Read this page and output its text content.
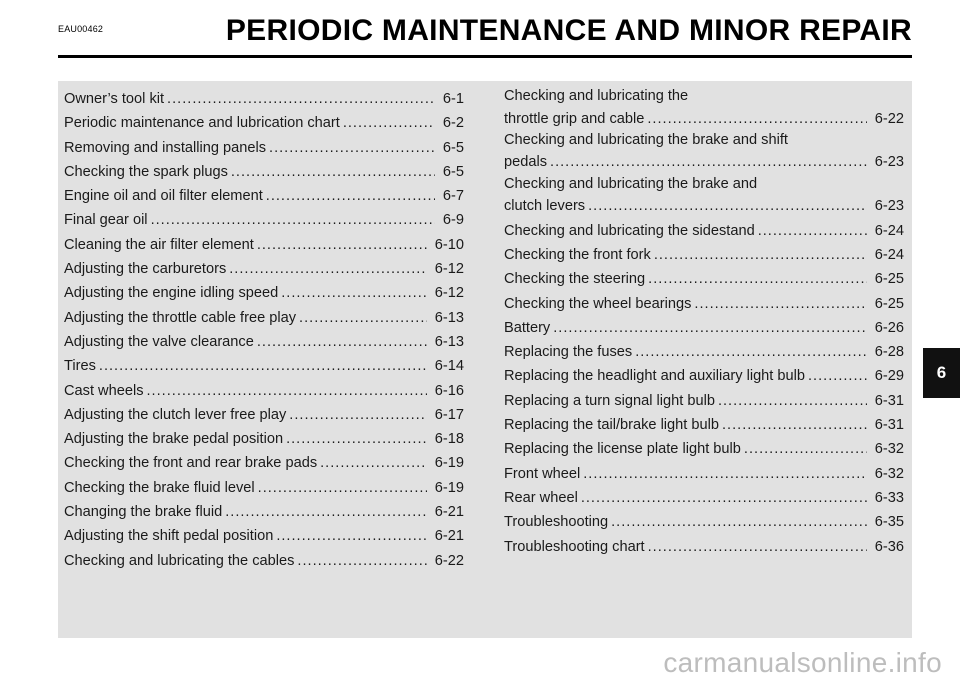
EAU00462	PERIODIC MAINTENANCE AND MINOR REPAIR
Owner’s tool kit .....	6-1
Periodic maintenance and lubrication chart .....	6-2
Removing and installing panels .....	6-5
Checking the spark plugs .....	6-5
Engine oil and oil filter element .....	6-7
Final gear oil .....	6-9
Cleaning the air filter element .....	6-10
Adjusting the carburetors .....	6-12
Adjusting the engine idling speed .....	6-12
Adjusting the throttle cable free play .....	6-13
Adjusting the valve clearance .....	6-13
Tires .....	6-14
Cast wheels .....	6-16
Adjusting the clutch lever free play .....	6-17
Adjusting the brake pedal position .....	6-18
Checking the front and rear brake pads .....	6-19
Checking the brake fluid level .....	6-19
Changing the brake fluid .....	6-21
Adjusting the shift pedal position .....	6-21
Checking and lubricating the cables .....	6-22
Checking and lubricating the
throttle grip and cable .....	6-22
Checking and lubricating the brake and shift
pedals .....	6-23
Checking and lubricating the brake and
clutch levers .....	6-23
Checking and lubricating the sidestand .....	6-24
Checking the front fork .....	6-24
Checking the steering .....	6-25
Checking the wheel bearings .....	6-25
Battery .....	6-26
Replacing the fuses .....	6-28
Replacing the headlight and auxiliary light bulb .....	6-29
Replacing a turn signal light bulb .....	6-31
Replacing the tail/brake light bulb .....	6-31
Replacing the license plate light bulb .....	6-32
Front wheel .....	6-32
Rear wheel .....	6-33
Troubleshooting .....	6-35
Troubleshooting chart .....	6-36
6
carmanualsonline.info
